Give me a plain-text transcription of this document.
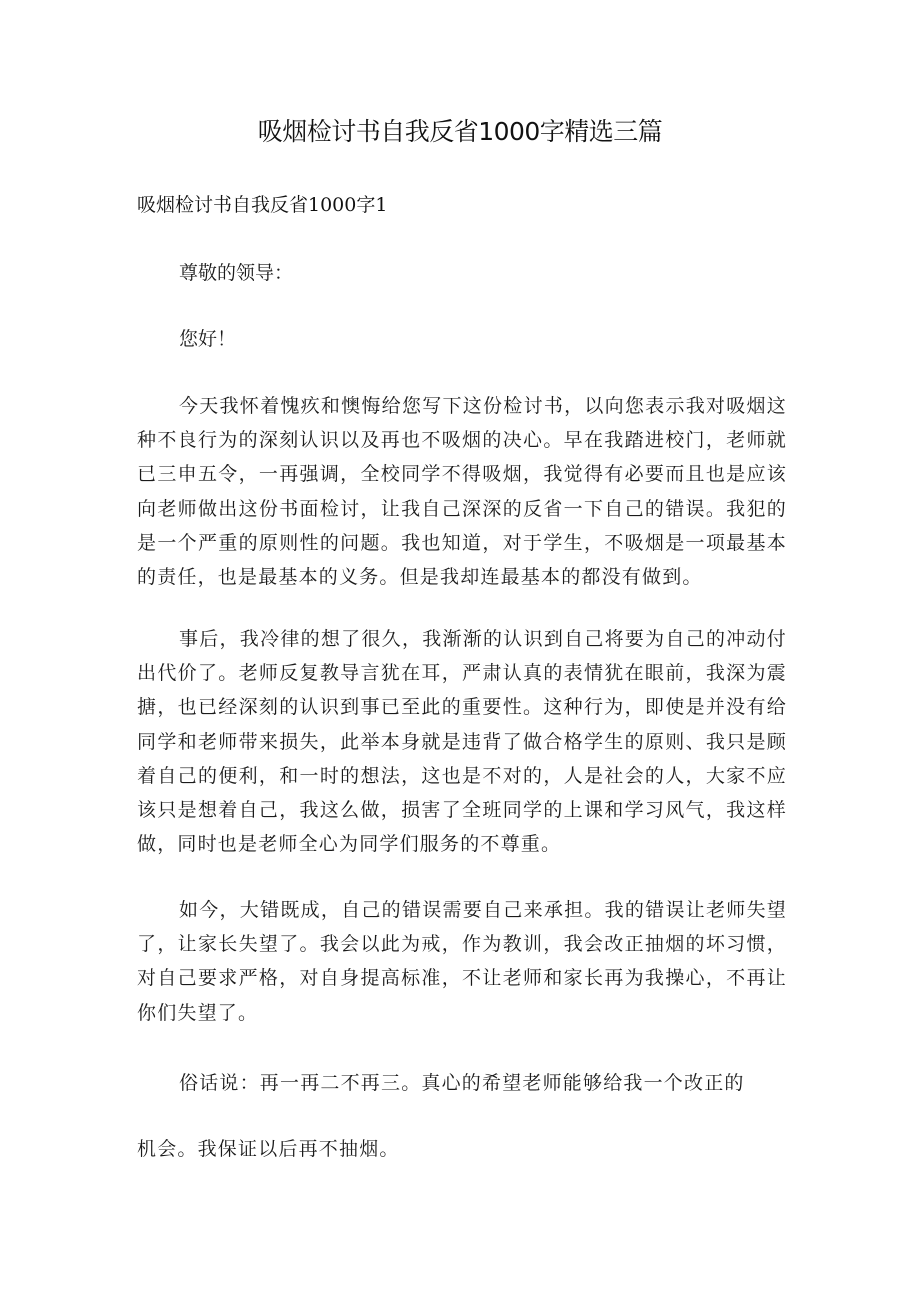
吸烟检讨书自我反省1000字精选三篇
吸烟检讨书自我反省1000字1

尊敬的领导：

您好！

今天我怀着愧疚和懊悔给您写下这份检讨书，以向您表示我对吸烟这种不良行为的深刻认识以及再也不吸烟的决心。早在我踏进校门，老师就已三申五令，一再强调，全校同学不得吸烟，我觉得有必要而且也是应该向老师做出这份书面检讨，让我自己深深的反省一下自己的错误。我犯的是一个严重的原则性的问题。我也知道，对于学生，不吸烟是一项最基本的责任，也是最基本的义务。但是我却连最基本的都没有做到。

事后，我冷律的想了很久，我渐渐的认识到自己将要为自己的冲动付出代价了。老师反复教导言犹在耳，严肃认真的表情犹在眼前，我深为震搪，也已经深刻的认识到事已至此的重要性。这种行为，即使是并没有给同学和老师带来损失，此举本身就是违背了做合格学生的原则、我只是顾着自己的便利，和一时的想法，这也是不对的，人是社会的人，大家不应该只是想着自己，我这么做，损害了全班同学的上课和学习风气，我这样做，同时也是老师全心为同学们服务的不尊重。

如今，大错既成，自己的错误需要自己来承担。我的错误让老师失望了，让家长失望了。我会以此为戒，作为教训，我会改正抽烟的坏习惯，对自己要求严格，对自身提高标准，不让老师和家长再为我操心，不再让你们失望了。

俗话说：再一再二不再三。真心的希望老师能够给我一个改正的

机会。我保证以后再不抽烟。
